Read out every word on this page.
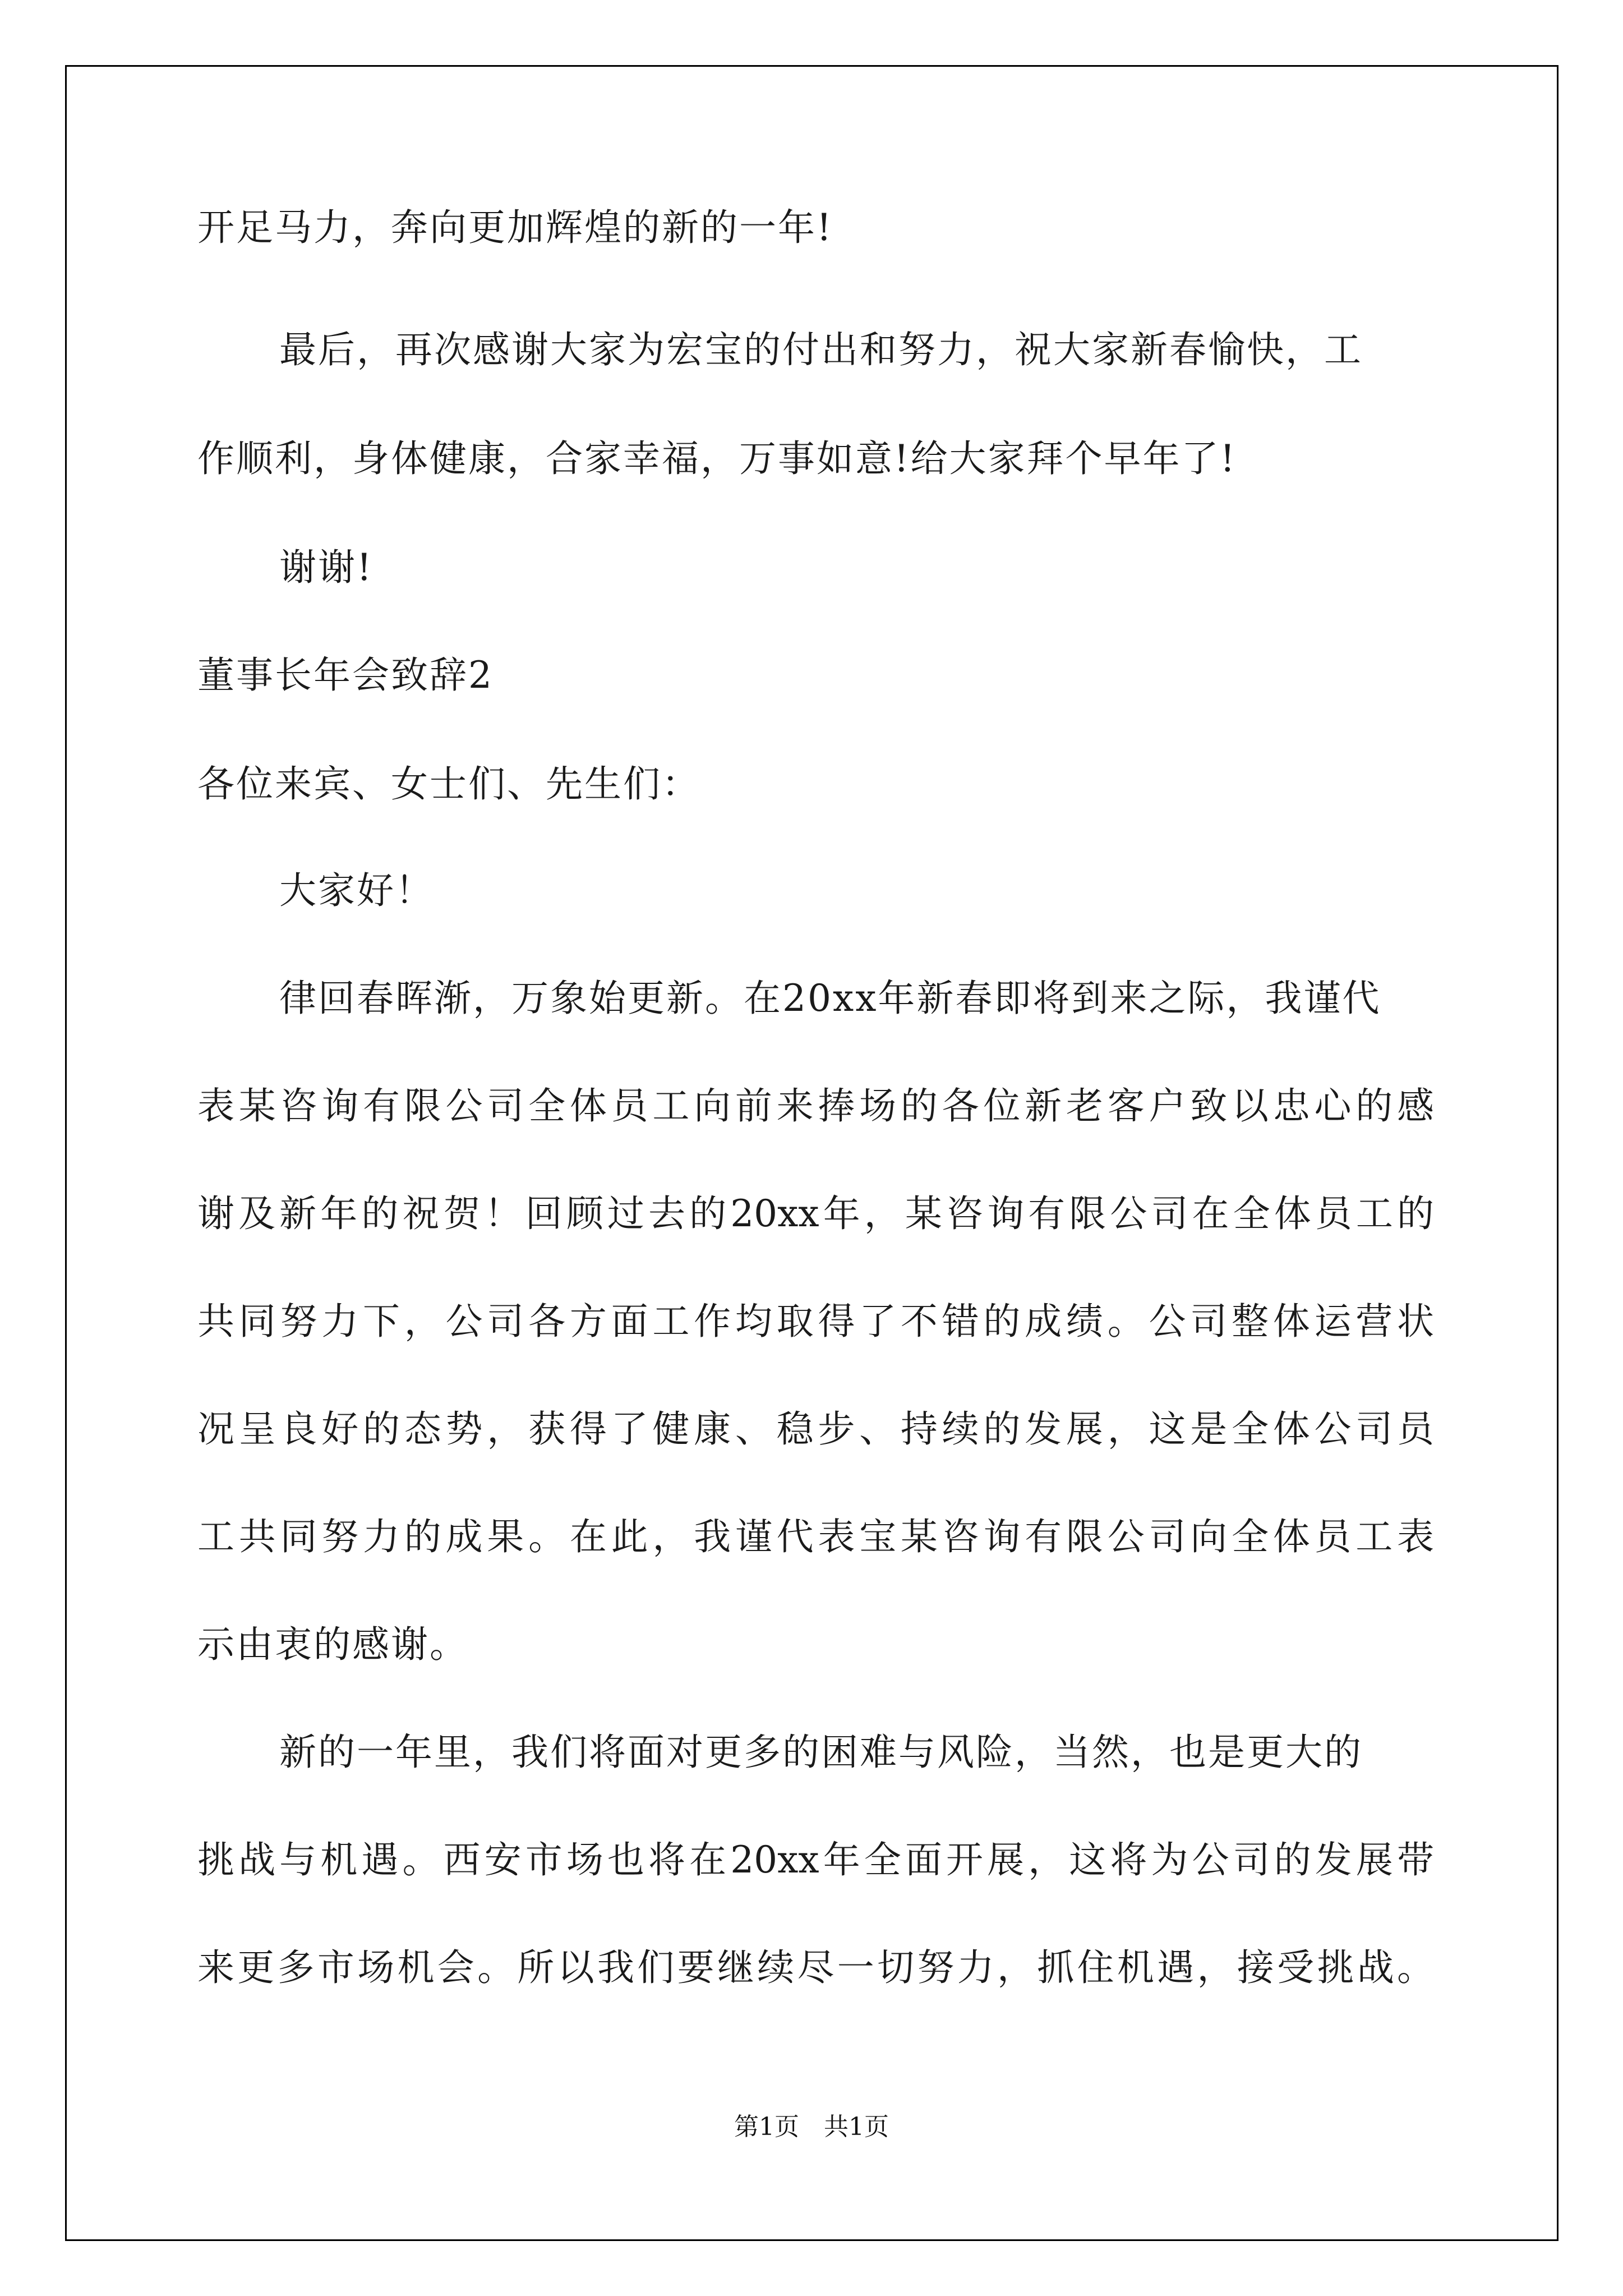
开足马力，奔向更加辉煌的新的一年!
最后，再次感谢大家为宏宝的付出和努力，祝大家新春愉快，工
作顺利，身体健康，合家幸福，万事如意!给大家拜个早年了!
谢谢!
董事长年会致辞2
各位来宾、女士们、先生们：
大家好！
律回春晖渐，万象始更新。在20xx年新春即将到来之际，我谨代
表某咨询有限公司全体员工向前来捧场的各位新老客户致以忠心的感
谢及新年的祝贺！回顾过去的20xx年，某咨询有限公司在全体员工的
共同努力下，公司各方面工作均取得了不错的成绩。公司整体运营状
况呈良好的态势，获得了健康、稳步、持续的发展，这是全体公司员
工共同努力的成果。在此，我谨代表宝某咨询有限公司向全体员工表
示由衷的感谢。
新的一年里，我们将面对更多的困难与风险，当然，也是更大的
挑战与机遇。西安市场也将在20xx年全面开展，这将为公司的发展带
来更多市场机会。所以我们要继续尽一切努力，抓住机遇，接受挑战。
第1页　共1页
